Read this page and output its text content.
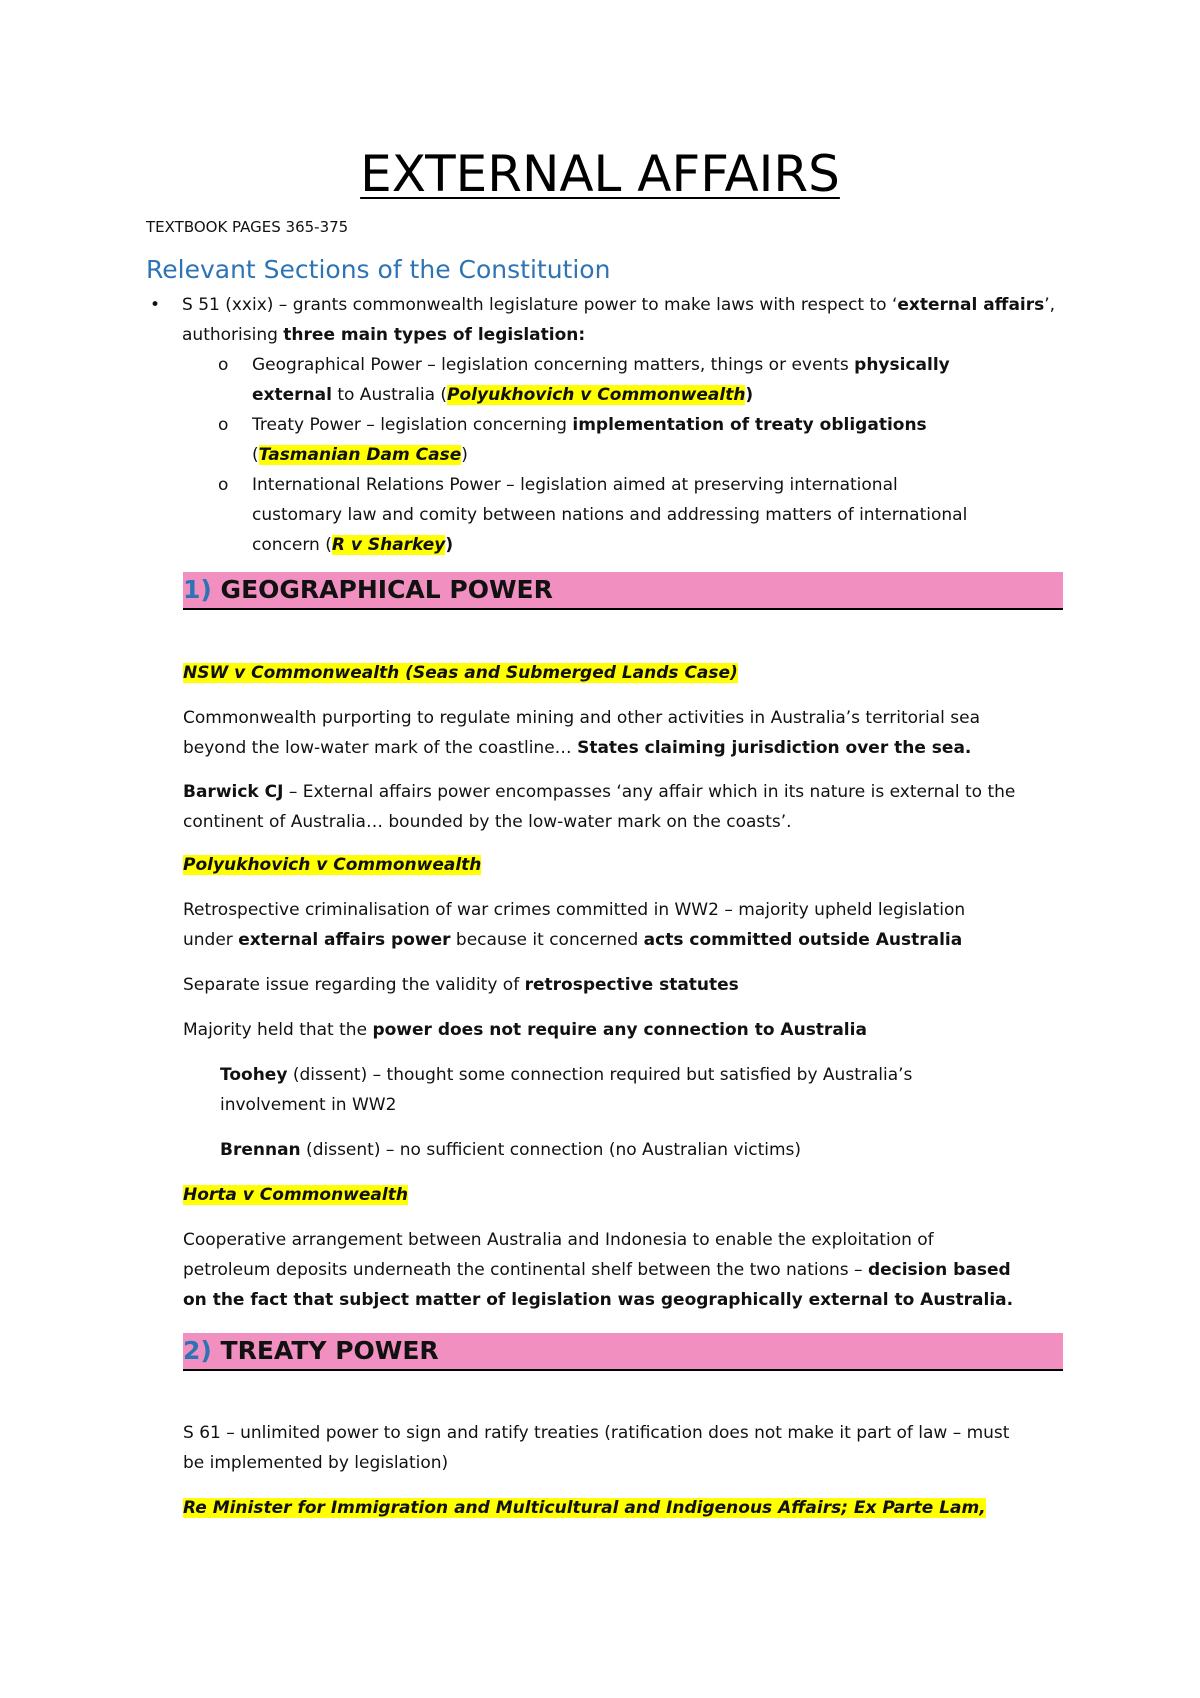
EXTERNAL AFFAIRS
TEXTBOOK PAGES 365-375
Relevant Sections of the Constitution
• S 51 (xxix) – grants commonwealth legislature power to make laws with respect to ‘external affairs’, authorising three main types of legislation:
o Geographical Power – legislation concerning matters, things or events physically
external to Australia (Polyukhovich v Commonwealth)
o Treaty Power – legislation concerning implementation of treaty obligations
(Tasmanian Dam Case)
o International Relations Power – legislation aimed at preserving international
customary law and comity between nations and addressing matters of international
concern (R v Sharkey)
1) GEOGRAPHICAL POWER

NSW v Commonwealth (Seas and Submerged Lands Case)

Commonwealth purporting to regulate mining and other activities in Australia’s territorial sea
beyond the low-water mark of the coastline… States claiming jurisdiction over the sea.

Barwick CJ – External affairs power encompasses ‘any affair which in its nature is external to the
continent of Australia… bounded by the low-water mark on the coasts’.

Polyukhovich v Commonwealth

Retrospective criminalisation of war crimes committed in WW2 – majority upheld legislation
under external affairs power because it concerned acts committed outside Australia

Separate issue regarding the validity of retrospective statutes

Majority held that the power does not require any connection to Australia

Toohey (dissent) – thought some connection required but satisfied by Australia’s
involvement in WW2

Brennan (dissent) – no sufficient connection (no Australian victims)

Horta v Commonwealth

Cooperative arrangement between Australia and Indonesia to enable the exploitation of
petroleum deposits underneath the continental shelf between the two nations – decision based
on the fact that subject matter of legislation was geographically external to Australia.

2) TREATY POWER

S 61 – unlimited power to sign and ratify treaties (ratification does not make it part of law – must
be implemented by legislation)

Re Minister for Immigration and Multicultural and Indigenous Affairs; Ex Parte Lam,
